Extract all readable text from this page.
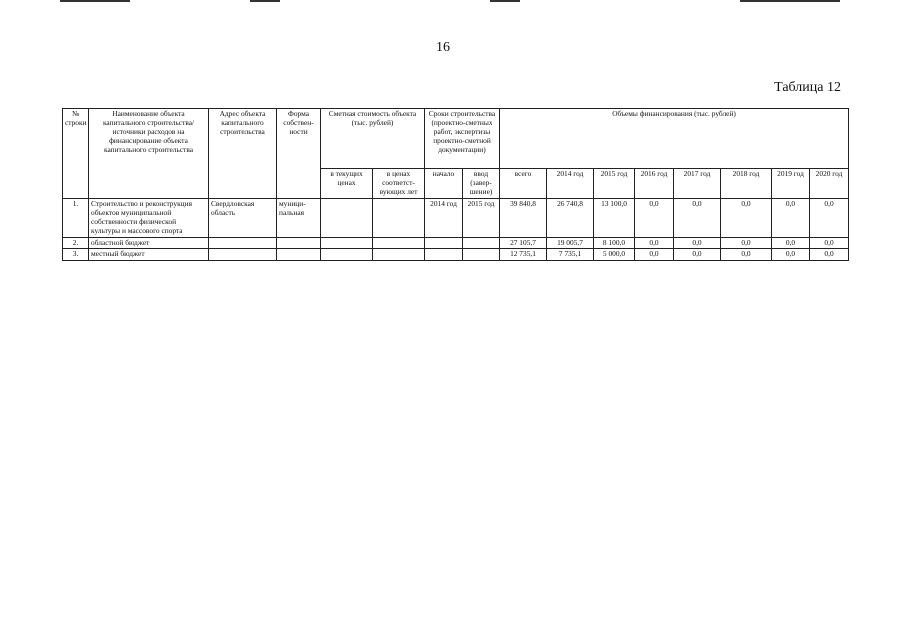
16
Таблица 12
№ строки	Наименование объекта капитального строительства/ источники расходов на финансирование объекта капитального строительства	Адрес объекта капитального строительства	Форма собствен-ности	Сметная стоимость объекта (тыс. рублей)		Сроки строительства (проектно-сметных работ, экспертизы проектно-сметной документации)		Объемы финансирования (тыс. рублей)							
				в текущих ценах	в ценах соответст-вующих лет	начало	ввод (завер-шение)	всего	2014 год	2015 год	2016 год	2017 год	2018 год	2019 год	2020 год
1.	Строительство и реконструкция объектов муниципальной собственности физической культуры и массового спорта	Свердловская область	муници-пальная			2014 год	2015 год	39 840,8	26 740,8	13 100,0	0,0	0,0	0,0	0,0	0,0
2.	областной бюджет							27 105,7	19 005,7	8 100,0	0,0	0,0	0,0	0,0	0,0
3.	местный бюджет							12 735,1	7 735,1	5 000,0	0,0	0,0	0,0	0,0	0,0
